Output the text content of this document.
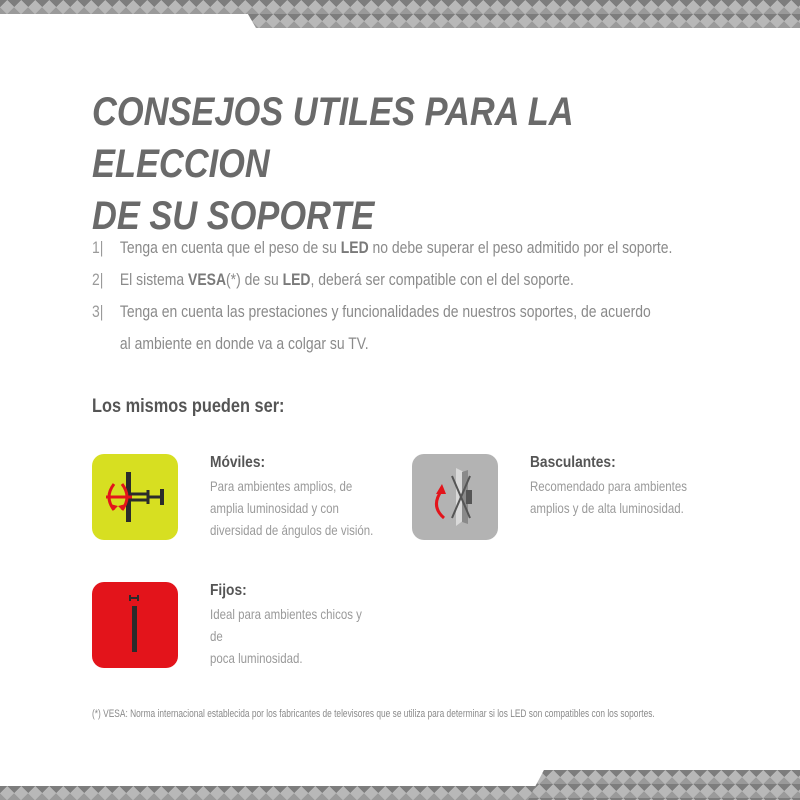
CONSEJOS UTILES PARA LA ELECCION
DE SU SOPORTE
1| Tenga en cuenta que el peso de su LED no debe superar el peso admitido por el soporte.
2| El sistema VESA(*) de su LED, deberá ser compatible con el del soporte.
3| Tenga en cuenta las prestaciones y funcionalidades de nuestros soportes, de acuerdo
al ambiente en donde va a colgar su TV.
Los mismos pueden ser:
Móviles:
Para ambientes amplios, de
amplia luminosidad y con
diversidad de ángulos de visión.
Basculantes:
Recomendado para ambientes
amplios y de alta luminosidad.
Fijos:
Ideal para ambientes chicos y de
poca luminosidad.
(*) VESA: Norma internacional establecida por los fabricantes de televisores que se utiliza para determinar si los LED son compatibles con los soportes.
